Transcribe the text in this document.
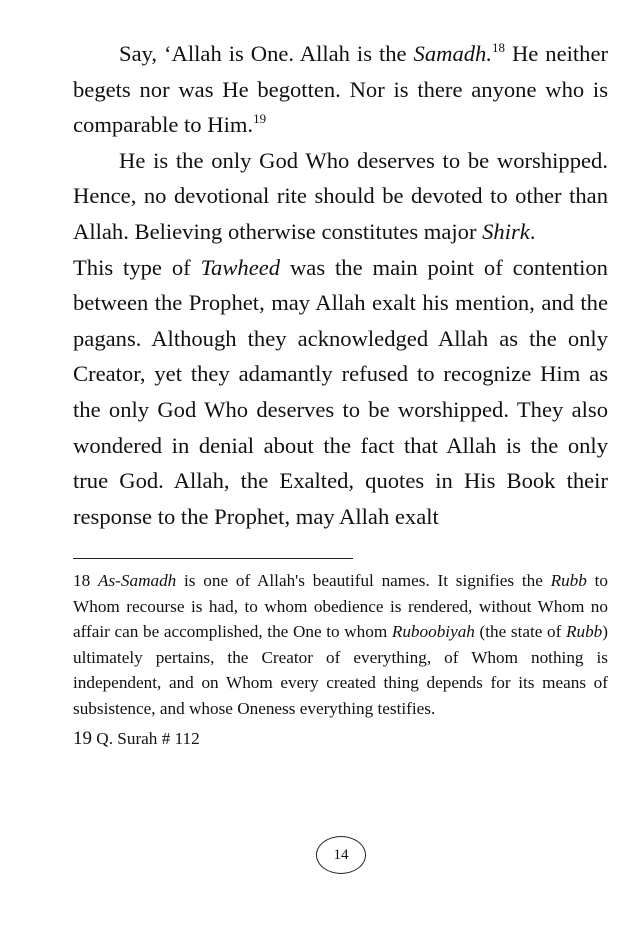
Say, ‘Allah is One. Allah is the Samadh.$^{18}$ He neither begets nor was He begotten. Nor is there anyone who is comparable to Him.$^{19}$

He is the only God Who deserves to be worshipped. Hence, no devotional rite should be devoted to other than Allah. Believing otherwise constitutes major Shirk.

This type of Tawheed was the main point of contention between the Prophet, may Allah exalt his mention, and the pagans. Although they acknowledged Allah as the only Creator, yet they adamantly refused to recognize Him as the only God Who deserves to be worshipped. They also wondered in denial about the fact that Allah is the only true God. Allah, the Exalted, quotes in His Book their response to the Prophet, may Allah exalt

18 As-Samadh is one of Allah's beautiful names. It signifies the Rubb to Whom recourse is had, to whom obedience is rendered, without Whom no affair can be accomplished, the One to whom Ruboobiyah (the state of Rubb) ultimately pertains, the Creator of everything, of Whom nothing is independent, and on Whom every created thing depends for its means of subsistence, and whose Oneness everything testifies.

19 Q. Surah # 112

14
